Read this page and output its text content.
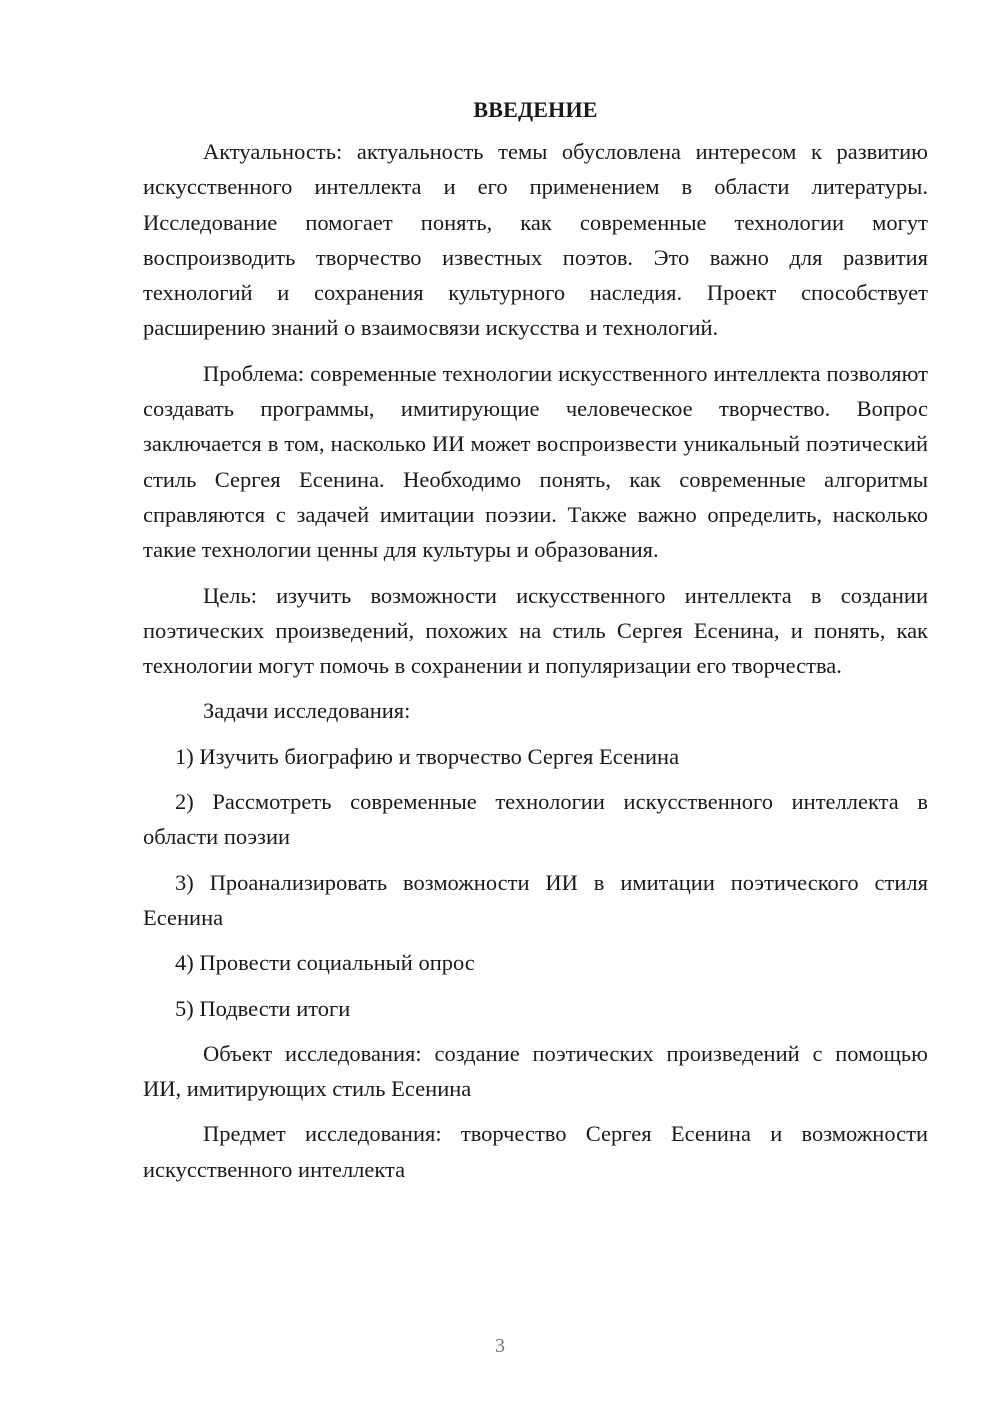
ВВЕДЕНИЕ

Актуальность: актуальность темы обусловлена интересом к развитию искусственного интеллекта и его применением в области литературы. Исследование помогает понять, как современные технологии могут воспроизводить творчество известных поэтов. Это важно для развития технологий и сохранения культурного наследия. Проект способствует расширению знаний о взаимосвязи искусства и технологий.

Проблема: современные технологии искусственного интеллекта позволяют создавать программы, имитирующие человеческое творчество. Вопрос заключается в том, насколько ИИ может воспроизвести уникальный поэтический стиль Сергея Есенина. Необходимо понять, как современные алгоритмы справляются с задачей имитации поэзии. Также важно определить, насколько такие технологии ценны для культуры и образования.

Цель: изучить возможности искусственного интеллекта в создании поэтических произведений, похожих на стиль Сергея Есенина, и понять, как технологии могут помочь в сохранении и популяризации его творчества.

Задачи исследования:

1) Изучить биографию и творчество Сергея Есенина

2) Рассмотреть современные технологии искусственного интеллекта в области поэзии

3) Проанализировать возможности ИИ в имитации поэтического стиля Есенина

4) Провести социальный опрос

5) Подвести итоги

Объект исследования: создание поэтических произведений с помощью ИИ, имитирующих стиль Есенина

Предмет исследования: творчество Сергея Есенина и возможности искусственного интеллекта

3
